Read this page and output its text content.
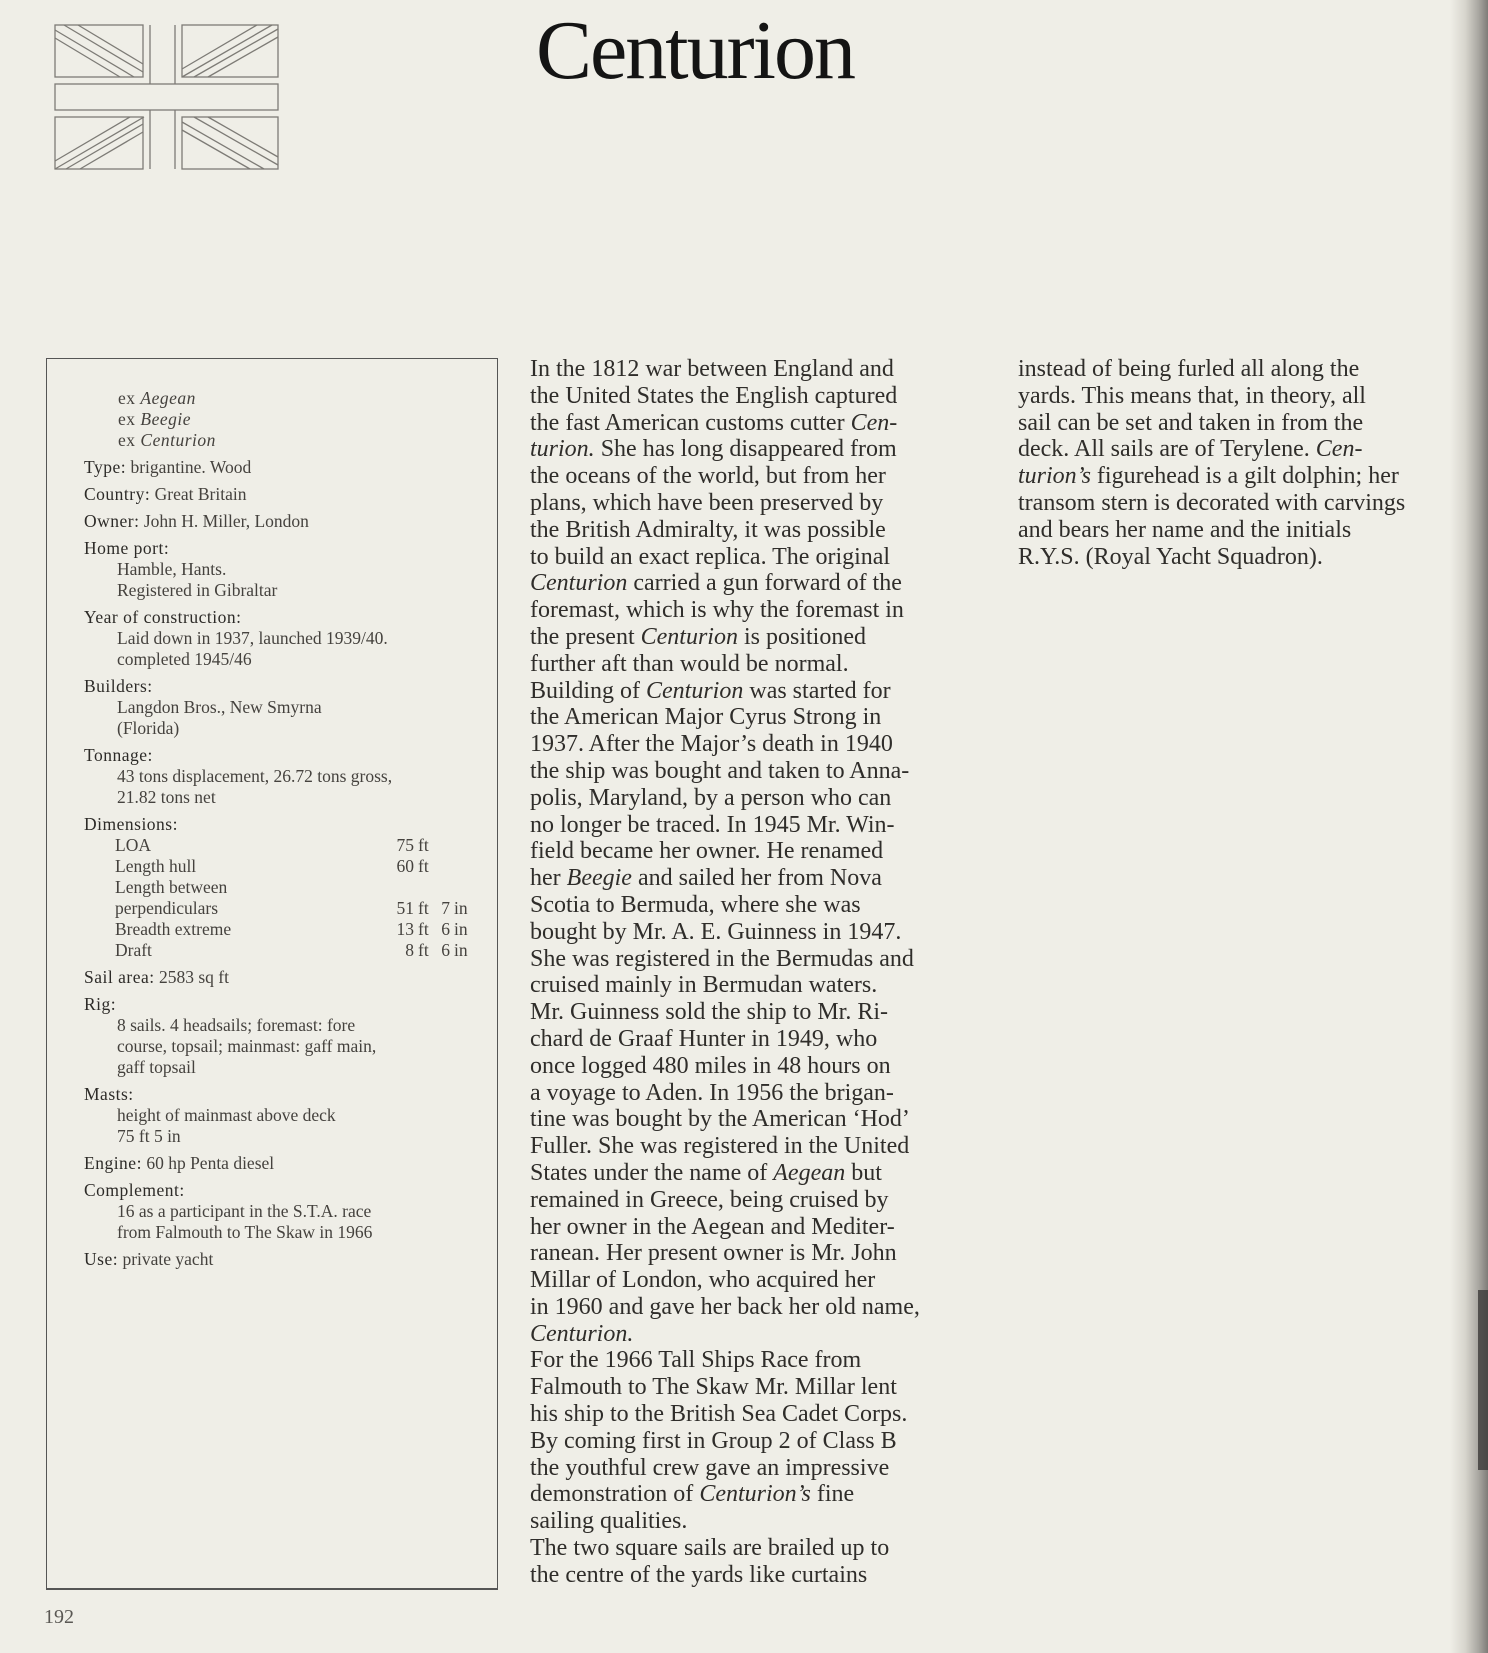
Centurion
ex Aegean
ex Beegie
ex Centurion
Type: brigantine. Wood
Country: Great Britain
Owner: John H. Miller, London
Home port:
Hamble, Hants.
Registered in Gibraltar
Year of construction:
Laid down in 1937, launched 1939/40.
completed 1945/46
Builders:
Langdon Bros., New Smyrna
(Florida)
Tonnage:
43 tons displacement, 26.72 tons gross,
21.82 tons net
Dimensions:
LOA	75	ft		
Length hull	60	ft		
Length between				
perpendiculars	51	ft	7	in
Breadth extreme	13	ft	6	in
Draft	8	ft	6	in
Sail area: 2583 sq ft
Rig:
8 sails. 4 headsails; foremast: fore
course, topsail; mainmast: gaff main,
gaff topsail
Masts:
height of mainmast above deck
75 ft 5 in
Engine: 60 hp Penta diesel
Complement:
16 as a participant in the S.T.A. race
from Falmouth to The Skaw in 1966
Use: private yacht

In the 1812 war between England and

the United States the English captured

the fast American customs cutter Cen-

turion. She has long disappeared from

the oceans of the world, but from her

plans, which have been preserved by

the British Admiralty, it was possible

to build an exact replica. The original

Centurion carried a gun forward of the

foremast, which is why the foremast in

the present Centurion is positioned

further aft than would be normal.

Building of Centurion was started for

the American Major Cyrus Strong in

1937. After the Major’s death in 1940

the ship was bought and taken to Anna-

polis, Maryland, by a person who can

no longer be traced. In 1945 Mr. Win-

field became her owner. He renamed

her Beegie and sailed her from Nova

Scotia to Bermuda, where she was

bought by Mr. A. E. Guinness in 1947.

She was registered in the Bermudas and

cruised mainly in Bermudan waters.

Mr. Guinness sold the ship to Mr. Ri-

chard de Graaf Hunter in 1949, who

once logged 480 miles in 48 hours on

a voyage to Aden. In 1956 the brigan-

tine was bought by the American ‘Hod’

Fuller. She was registered in the United

States under the name of Aegean but

remained in Greece, being cruised by

her owner in the Aegean and Mediter-

ranean. Her present owner is Mr. John

Millar of London, who acquired her

in 1960 and gave her back her old name,

Centurion.

For the 1966 Tall Ships Race from

Falmouth to The Skaw Mr. Millar lent

his ship to the British Sea Cadet Corps.

By coming first in Group 2 of Class B

the youthful crew gave an impressive

demonstration of Centurion’s fine

sailing qualities.

The two square sails are brailed up to

the centre of the yards like curtains

instead of being furled all along the

yards. This means that, in theory, all

sail can be set and taken in from the

deck. All sails are of Terylene. Cen-

turion’s figurehead is a gilt dolphin; her

transom stern is decorated with carvings

and bears her name and the initials

R.Y.S. (Royal Yacht Squadron).

192
